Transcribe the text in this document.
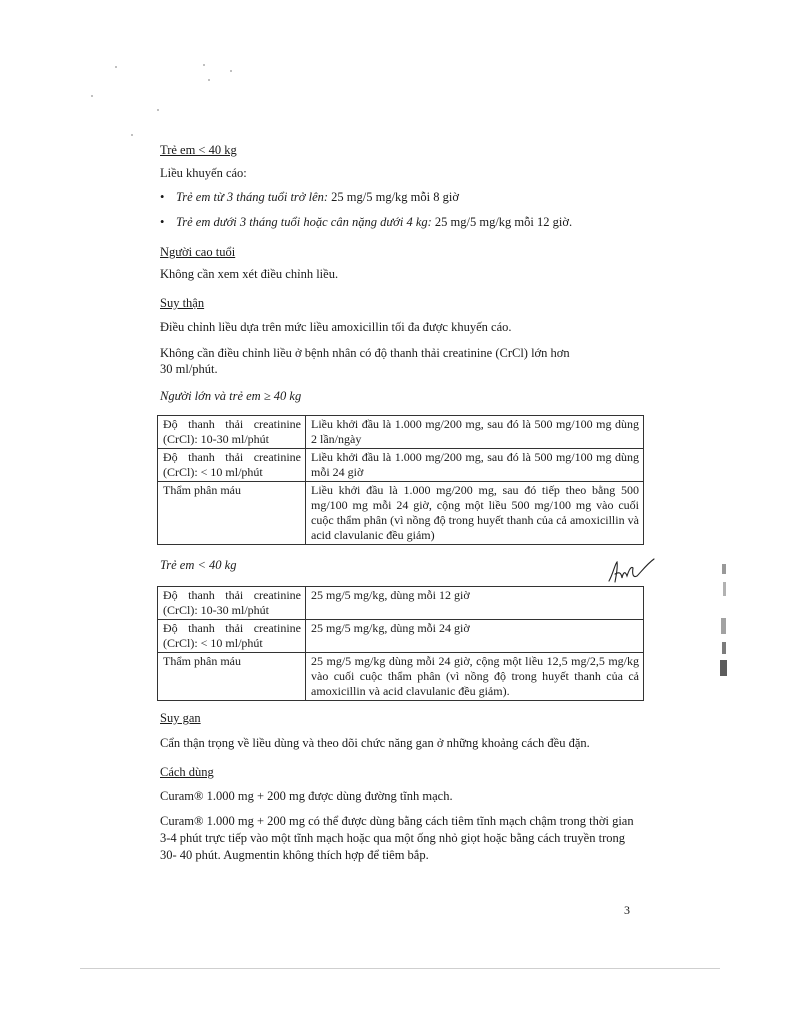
Trẻ em < 40 kg
Liều khuyến cáo:
• Trẻ em từ 3 tháng tuổi trở lên: 25 mg/5 mg/kg mỗi 8 giờ
• Trẻ em dưới 3 tháng tuổi hoặc cân nặng dưới 4 kg: 25 mg/5 mg/kg mỗi 12 giờ.
Người cao tuổi
Không cần xem xét điều chỉnh liều.
Suy thận
Điều chỉnh liều dựa trên mức liều amoxicillin tối đa được khuyến cáo.
Không cần điều chỉnh liều ở bệnh nhân có độ thanh thải creatinine (CrCl) lớn hơn
30 ml/phút.
Người lớn và trẻ em ≥ 40 kg
Độ thanh thải creatinine (CrCl): 10-30 ml/phút	Liều khởi đầu là 1.000 mg/200 mg, sau đó là 500 mg/100 mg dùng 2 lần/ngày
Độ thanh thải creatinine (CrCl): < 10 ml/phút	Liều khởi đầu là 1.000 mg/200 mg, sau đó là 500 mg/100 mg dùng mỗi 24 giờ
Thẩm phân máu	Liều khởi đầu là 1.000 mg/200 mg, sau đó tiếp theo bằng 500 mg/100 mg mỗi 24 giờ, cộng một liều 500 mg/100 mg vào cuối cuộc thẩm phân (vì nồng độ trong huyết thanh của cả amoxicillin và acid clavulanic đều giảm)
Trẻ em < 40 kg
Độ thanh thải creatinine (CrCl): 10-30 ml/phút	25 mg/5 mg/kg, dùng mỗi 12 giờ
Độ thanh thải creatinine (CrCl): < 10 ml/phút	25 mg/5 mg/kg, dùng mỗi 24 giờ
Thẩm phân máu	25 mg/5 mg/kg dùng mỗi 24 giờ, cộng một liều 12,5 mg/2,5 mg/kg vào cuối cuộc thẩm phân (vì nồng độ trong huyết thanh của cả amoxicillin và acid clavulanic đều giảm).
Suy gan
Cẩn thận trọng về liều dùng và theo dõi chức năng gan ở những khoảng cách đều đặn.
Cách dùng
Curam® 1.000 mg + 200 mg được dùng đường tĩnh mạch.
Curam® 1.000 mg + 200 mg có thể được dùng bằng cách tiêm tĩnh mạch chậm trong thời gian
3-4 phút trực tiếp vào một tĩnh mạch hoặc qua một ống nhỏ giọt hoặc bằng cách truyền trong
30- 40 phút. Augmentin không thích hợp để tiêm bắp.
3
